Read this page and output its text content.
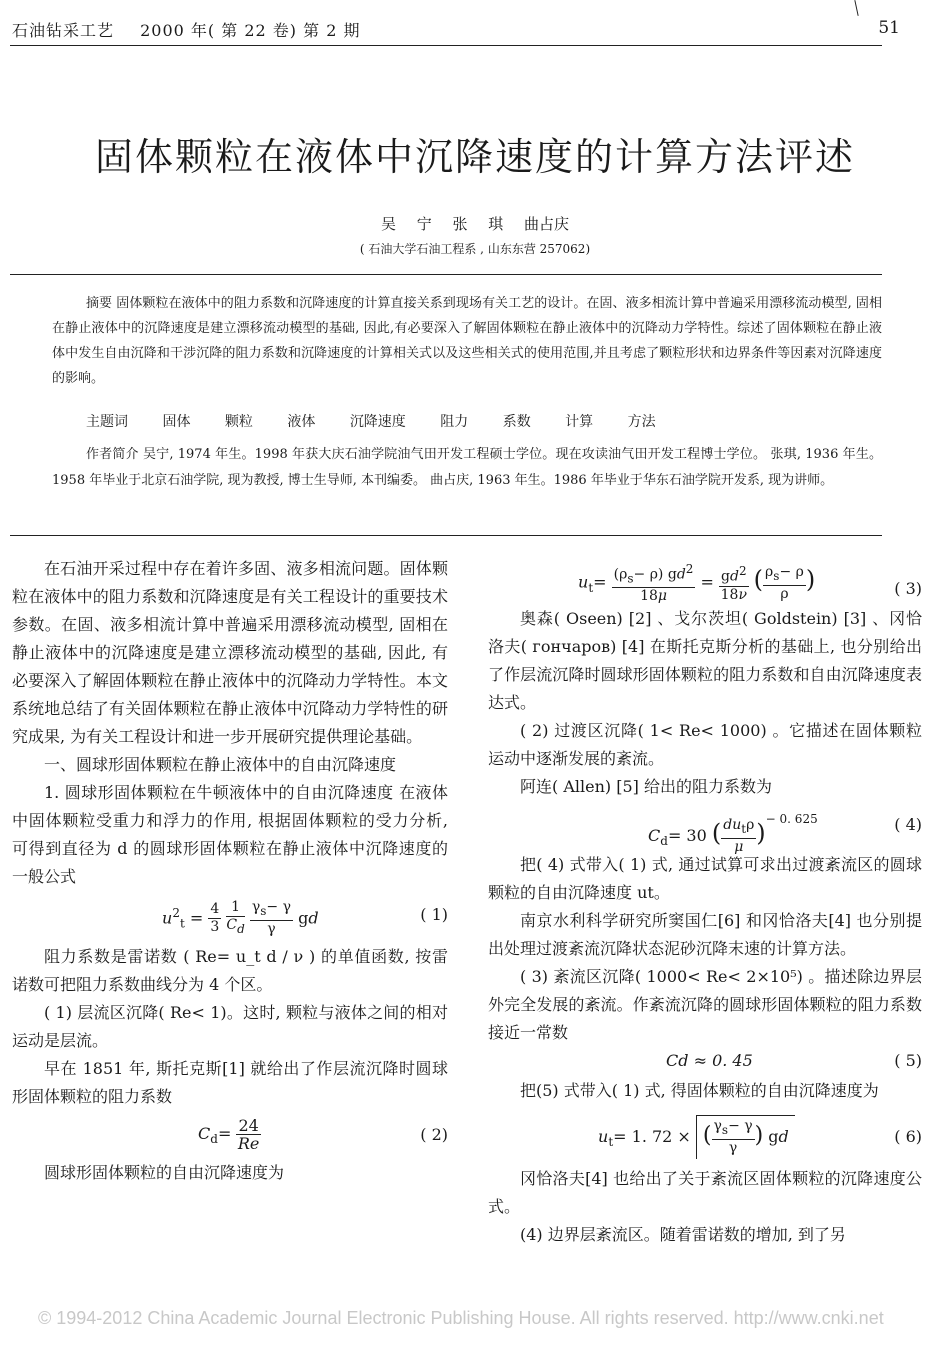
石油钻采工艺 2000 年( 第 22 卷) 第 2 期	51
固体颗粒在液体中沉降速度的计算方法评述
吴 宁 张 琪 曲占庆
( 石油大学石油工程系 , 山东东营 257062)
摘要 固体颗粒在液体中的阻力系数和沉降速度的计算直接关系到现场有关工艺的设计。在固、液多相流计算中普遍采用漂移流动模型, 固相在静止液体中的沉降速度是建立漂移流动模型的基础, 因此,有必要深入了解固体颗粒在静止液体中的沉降动力学特性。综述了固体颗粒在静止液体中发生自由沉降和干涉沉降的阻力系数和沉降速度的计算相关式以及这些相关式的使用范围,并且考虑了颗粒形状和边界条件等因素对沉降速度的影响。
主题词 固体 颗粒 液体 沉降速度 阻力 系数 计算 方法
作者简介 吴宁, 1974 年生。1998 年获大庆石油学院油气田开发工程硕士学位。现在攻读油气田开发工程博士学位。 张琪, 1936 年生。1958 年毕业于北京石油学院, 现为教授, 博士生导师, 本刊编委。 曲占庆, 1963 年生。1986 年毕业于华东石油学院开发系, 现为讲师。

在石油开采过程中存在着许多固、液多相流问题。固体颗粒在液体中的阻力系数和沉降速度是有关工程设计的重要技术参数。在固、液多相流计算中普遍采用漂移流动模型, 固相在静止液体中的沉降速度是建立漂移流动模型的基础, 因此, 有必要深入了解固体颗粒在静止液体中的沉降动力学特性。本文系统地总结了有关固体颗粒在静止液体中沉降动力学特性的研究成果, 为有关工程设计和进一步开展研究提供理论基础。

一、圆球形固体颗粒在静止液体中的自由沉降速度

1. 圆球形固体颗粒在牛顿液体中的自由沉降速度 在液体中固体颗粒受重力和浮力的作用, 根据固体颗粒的受力分析, 可得到直径为 d 的圆球形固体颗粒在静止液体中沉降速度的一般公式

$u^2_t = \frac{4}{3}$
$\frac{1}{C_d}$
$\frac{\gamma_s- \gamma}{\gamma}$ gd	( 1)

阻力系数是雷诺数 ( Re= u_t d / ν ) 的单值函数, 按雷诺数可把阻力系数曲线分为 4 个区。

( 1) 层流区沉降( Re< 1)。这时, 颗粒与液体之间的相对运动是层流。

早在 1851 年, 斯托克斯[1] 就给出了作层流沉降时圆球形固体颗粒的阻力系数

$C_d= \frac{24}{Re}$	( 2)

圆球形固体颗粒的自由沉降速度为

$u_t= \frac{(\rho_s- \rho) gd^2}{18\mu} = \frac{gd^2}{18\nu}$ ( $\frac{\rho_s- \rho}{\rho}$ )	( 3)

奥森( Oseen) [2] 、戈尔茨坦( Goldstein) [3] 、冈恰洛夫( гончаров) [4] 在斯托克斯分析的基础上, 也分别给出了作层流沉降时圆球形固体颗粒的阻力系数和自由沉降速度表达式。

( 2) 过渡区沉降( 1< Re< 1000) 。它描述在固体颗粒运动中逐渐发展的紊流。

阿连( Allen) [5] 给出的阻力系数为

$C_d= 30$ ( $\frac{du_t\rho}{\mu} )^{- 0. 625}$	( 4)

把( 4) 式带入( 1) 式, 通过试算可求出过渡紊流区的圆球颗粒的自由沉降速度 ut。

南京水利科学研究所窦国仁[6] 和冈恰洛夫[4] 也分别提出处理过渡紊流沉降状态泥砂沉降末速的计算方法。

( 3) 紊流区沉降( 1000< Re< 2×10⁵) 。描述除边界层外完全发展的紊流。作紊流沉降的圆球形固体颗粒的阻力系数接近一常数

Cd ≈ 0. 45	( 5)

把(5) 式带入( 1) 式, 得固体颗粒的自由沉降速度为

$u_t= 1$. 72 × ( $\frac{\gamma_s- \gamma}{\gamma}$ ) gd	( 6)

冈恰洛夫[4] 也给出了关于紊流区固体颗粒的沉降速度公式。

(4) 边界层紊流区。随着雷诺数的增加, 到了另

© 1994-2012 China Academic Journal Electronic Publishing House. All rights reserved. http://www.cnki.net
